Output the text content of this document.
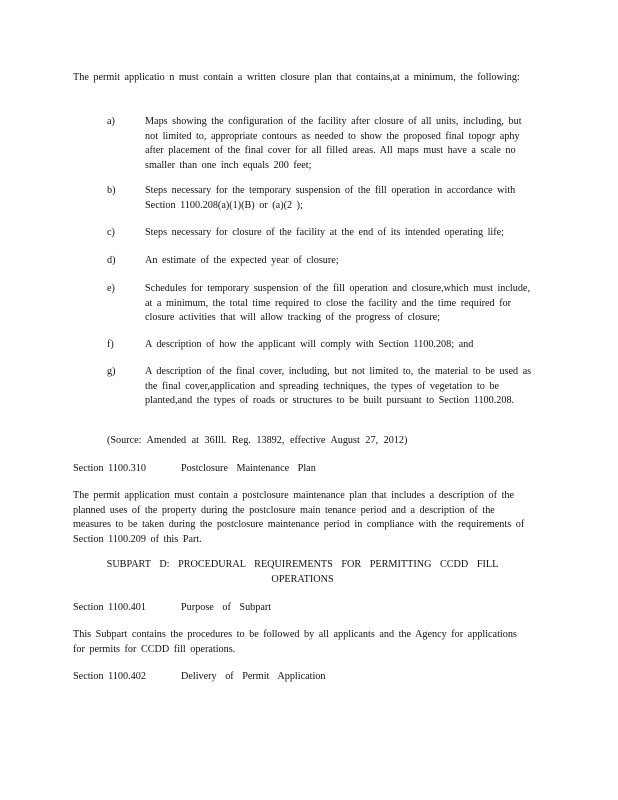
The permit applicatio n must contain a written closure plan that contains,at a minimum, the following:

a)	Maps showing the configuration of the facility after closure of all units, including, but not limited to, appropriate contours as needed to show the proposed final topogr aphy after placement of the final cover for all filled areas. All maps must have a scale no smaller than one inch equals 200 feet;
b)	Steps necessary for the temporary suspension of the fill operation in accordance with Section 1100.208(a)(1)(B) or (a)(2 );
c)	Steps necessary for closure of the facility at the end of its intended operating life;
d)	An estimate of the expected year of closure;
e)	Schedules for temporary suspension of the fill operation and closure,which must include, at a minimum, the total time required to close the facility and the time required for closure activities that will allow tracking of the progress of closure;
f)	A description of how the applicant will comply with Section 1100.208; and
g)	A description of the final cover, including, but not limited to, the material to be used as the final cover,application and spreading techniques, the types of vegetation to be planted,and the types of roads or structures to be built pursuant to Section 1100.208.
(Source: Amended at 36Ill. Reg. 13892, effective August 27, 2012)
Section 1100.310	Postclosure Maintenance Plan

The permit application must contain a postclosure maintenance plan that includes a description of the planned uses of the property during the postclosure main tenance period and a description of the measures to be taken during the postclosure maintenance period in compliance with the requirements of Section 1100.209 of this Part.

SUBPART D: PROCEDURAL REQUIREMENTS FOR PERMITTING CCDD FILL OPERATIONS
Section 1100.401	Purpose of Subpart

This Subpart contains the procedures to be followed by all applicants and the Agency for applications for permits for CCDD fill operations.

Section 1100.402	Delivery of Permit Application
